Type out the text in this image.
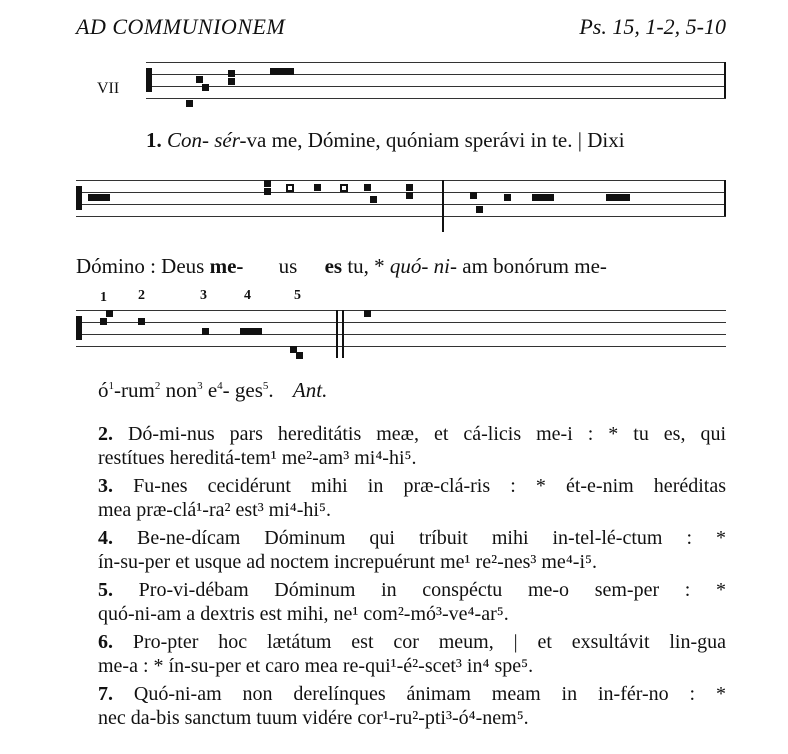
AD COMMUNIONEM	Ps. 15, 1-2, 5-10
VII
1. Con- sér-va me, Dómine, quóniam sperávi in te. | Dixi
Dómino : Deus me- us es tu, * quó- ni- am bonórum me-
1 2	3	4	5
$ó^1-rum^2$ non$^3$ $e^4-$ ges$^5$. Ant.
2. Dó-mi-nus pars hereditátis meæ, et cá-licis me-i : * tu es, qui
restítues hereditá-tem¹ me²-am³ mi⁴-hi⁵.
3. Fu-nes cecidérunt mihi in præ-clá-ris : * ét-e-nim heréditas
mea præ-clá¹-ra² est³ mi⁴-hi⁵.
4. Be-ne-dícam Dóminum qui tríbuit mihi in-tel-lé-ctum : *
ín-su-per et usque ad noctem increpuérunt me¹ re²-nes³ me⁴-i⁵.
5. Pro-vi-débam Dóminum in conspéctu me-o sem-per : *
quó-ni-am a dextris est mihi, ne¹ com²-mó³-ve⁴-ar⁵.
6. Pro-pter hoc lætátum est cor meum, | et exsultávit lin-gua
me-a : * ín-su-per et caro mea re-qui¹-é²-scet³ in⁴ spe⁵.
7. Quó-ni-am non derelínques ánimam meam in in-fér-no : *
nec da-bis sanctum tuum vidére cor¹-ru²-pti³-ó⁴-nem⁵.
